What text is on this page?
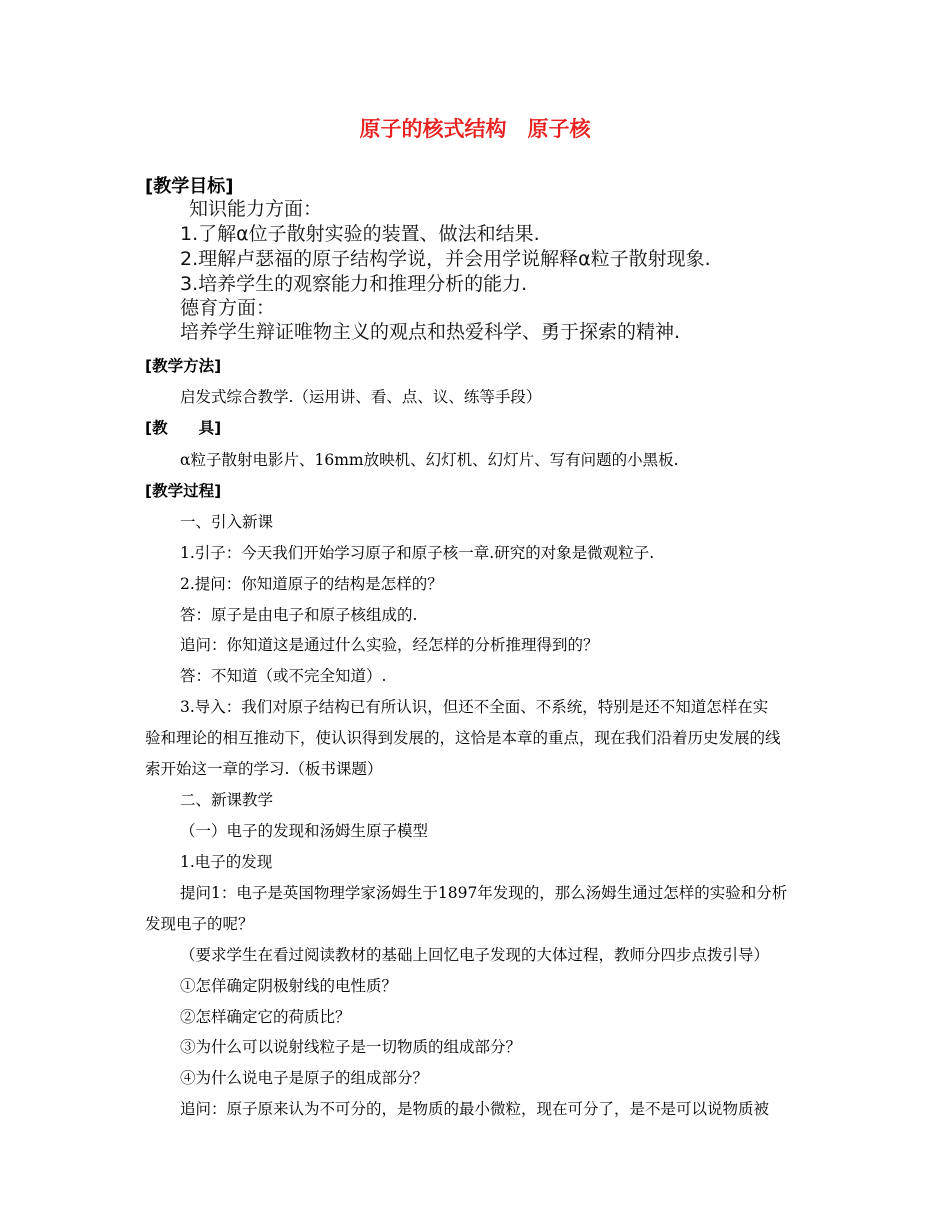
原子的核式结构　原子核
[教学目标]
知识能力方面：
1.了解α位子散射实验的装置、做法和结果.
2.理解卢瑟福的原子结构学说，并会用学说解释α粒子散射现象.
3.培养学生的观察能力和推理分析的能力.
德育方面：
培养学生辩证唯物主义的观点和热爱科学、勇于探索的精神.
[教学方法]
启发式综合教学.（运用讲、看、点、议、练等手段）
[教　　具]
α粒子散射电影片、16mm放映机、幻灯机、幻灯片、写有问题的小黑板.
[教学过程]
一、引入新课
1.引子：今天我们开始学习原子和原子核一章.研究的对象是微观粒子.
2.提问：你知道原子的结构是怎样的？
答：原子是由电子和原子核组成的.
追问：你知道这是通过什么实验，经怎样的分析推理得到的？
答：不知道（或不完全知道）.
3.导入：我们对原子结构已有所认识，但还不全面、不系统，特别是还不知道怎样在实
验和理论的相互推动下，使认识得到发展的，这恰是本章的重点，现在我们沿着历史发展的线
索开始这一章的学习.（板书课题）
二、新课教学
（一）电子的发现和汤姆生原子模型
1.电子的发现
提问1：电子是英国物理学家汤姆生于1897年发现的，那么汤姆生通过怎样的实验和分析
发现电子的呢？
（要求学生在看过阅读教材的基础上回忆电子发现的大体过程，教师分四步点拨引导）
①怎佯确定阴极射线的电性质？
②怎样确定它的荷质比？
③为什么可以说射线粒子是一切物质的组成部分？
④为什么说电子是原子的组成部分？
追问：原子原来认为不可分的，是物质的最小微粒，现在可分了，是不是可以说物质被
